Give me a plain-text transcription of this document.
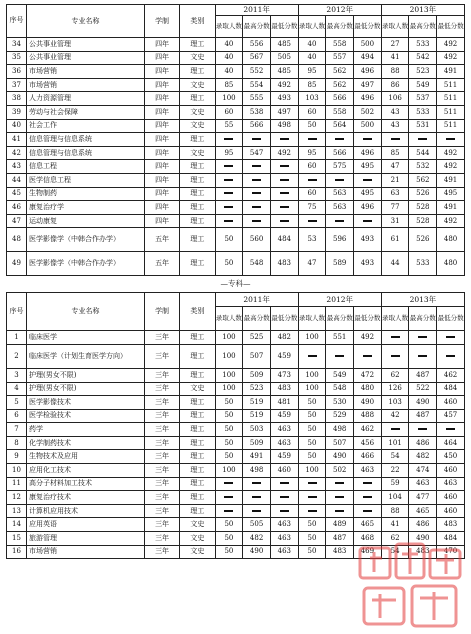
序号	专业名称	学制	类别	2011年			2012年			2013年		
				录取人数	最高分数	最低分数	录取人数	最高分数	最低分数	录取人数	最高分数	最低分数
34	公共事业管理	四年	理工	40	556	485	40	558	500	27	533	492
35	公共事业管理	四年	文史	40	567	505	40	557	494	41	542	492
36	市场营销	四年	理工	40	552	485	95	562	496	88	523	491
37	市场营销	四年	文史	85	554	492	85	562	497	86	549	511
38	人力资源管理	四年	理工	100	555	493	103	566	496	106	537	511
39	劳动与社会保障	四年	文史	60	538	497	60	558	502	43	533	511
40	社会工作	四年	文史	55	566	498	50	564	500	43	531	511
41	信息管理与信息系统	四年	理工									
42	信息管理与信息系统	四年	文史	95	547	492	95	566	496	85	544	492
43	信息工程	四年	理工				60	575	495	47	532	492
44	医学信息工程	四年	理工							21	562	491
45	生物制药	四年	理工				60	563	495	63	526	495
46	康复治疗学	四年	理工				75	563	496	77	528	491
47	运动康复	四年	理工							31	528	492
48	医学影像学（中韩合作办学）	五年	理工	50	560	484	53	596	493	61	526	480
49	医学影像学（中韩合作办学）	五年	理工	50	548	483	47	589	493	44	533	480
—专科—
序号	专业名称	学制	类别	2011年			2012年			2013年		
				录取人数	最高分数	最低分数	录取人数	最高分数	最低分数	录取人数	最高分数	最低分数
1	临床医学	三年	理工	100	525	482	100	551	492			
2	临床医学（计划生育医学方向）	三年	理工	100	507	459						
3	护理(男女不限)	三年	理工	100	509	473	100	549	472	62	487	462
4	护理(男女不限)	三年	文史	100	523	483	100	548	480	126	522	484
5	医学影像技术	三年	理工	50	519	481	50	530	490	103	490	460
6	医学检验技术	三年	理工	50	519	459	50	529	488	42	487	457
7	药学	三年	理工	50	503	463	50	498	462			
8	化学制药技术	三年	理工	50	509	463	50	507	456	101	486	464
9	生物技术及应用	三年	理工	50	491	459	50	490	466	54	482	450
10	应用化工技术	三年	理工	100	498	460	100	502	463	22	474	460
11	高分子材料加工技术	三年	理工							59	463	463
12	康复治疗技术	三年	理工							104	477	460
13	计算机应用技术	三年	理工							88	465	460
14	应用英语	三年	文史	50	505	463	50	489	465	41	486	483
15	旅游管理	三年	文史	50	482	463	50	487	468	62	490	484
16	市场营销	三年	文史	50	490	463	50	483	469	54	483	470
